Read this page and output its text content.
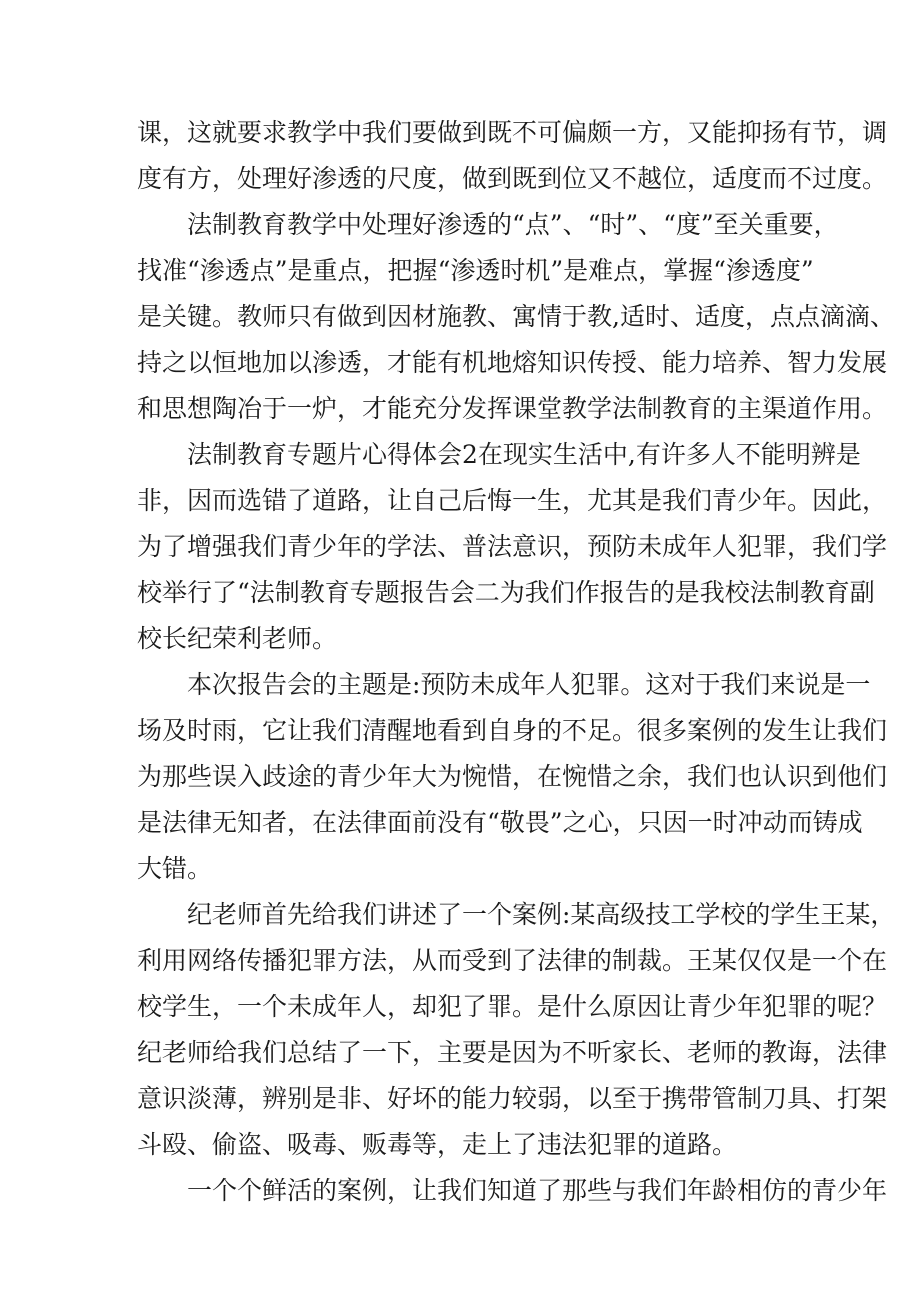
课，这就要求教学中我们要做到既不可偏颇一方，又能抑扬有节，调
度有方，处理好渗透的尺度，做到既到位又不越位，适度而不过度。
法制教育教学中处理好渗透的“点”、“时”、“度”至关重要，
找准“渗透点”是重点，把握“渗透时机”是难点，掌握“渗透度”
是关键。教师只有做到因材施教、寓情于教,适时、适度，点点滴滴、
持之以恒地加以渗透，才能有机地熔知识传授、能力培养、智力发展
和思想陶冶于一炉，才能充分发挥课堂教学法制教育的主渠道作用。
法制教育专题片心得体会2在现实生活中,有许多人不能明辨是
非，因而选错了道路，让自己后悔一生，尤其是我们青少年。因此，
为了增强我们青少年的学法、普法意识，预防未成年人犯罪，我们学
校举行了“法制教育专题报告会二为我们作报告的是我校法制教育副
校长纪荣利老师。
本次报告会的主题是:预防未成年人犯罪。这对于我们来说是一
场及时雨，它让我们清醒地看到自身的不足。很多案例的发生让我们
为那些误入歧途的青少年大为惋惜，在惋惜之余，我们也认识到他们
是法律无知者，在法律面前没有“敬畏”之心，只因一时冲动而铸成
大错。
纪老师首先给我们讲述了一个案例:某高级技工学校的学生王某，
利用网络传播犯罪方法，从而受到了法律的制裁。王某仅仅是一个在
校学生，一个未成年人，却犯了罪。是什么原因让青少年犯罪的呢？
纪老师给我们总结了一下，主要是因为不听家长、老师的教诲，法律
意识淡薄，辨别是非、好坏的能力较弱，以至于携带管制刀具、打架
斗殴、偷盗、吸毒、贩毒等，走上了违法犯罪的道路。
一个个鲜活的案例，让我们知道了那些与我们年龄相仿的青少年
